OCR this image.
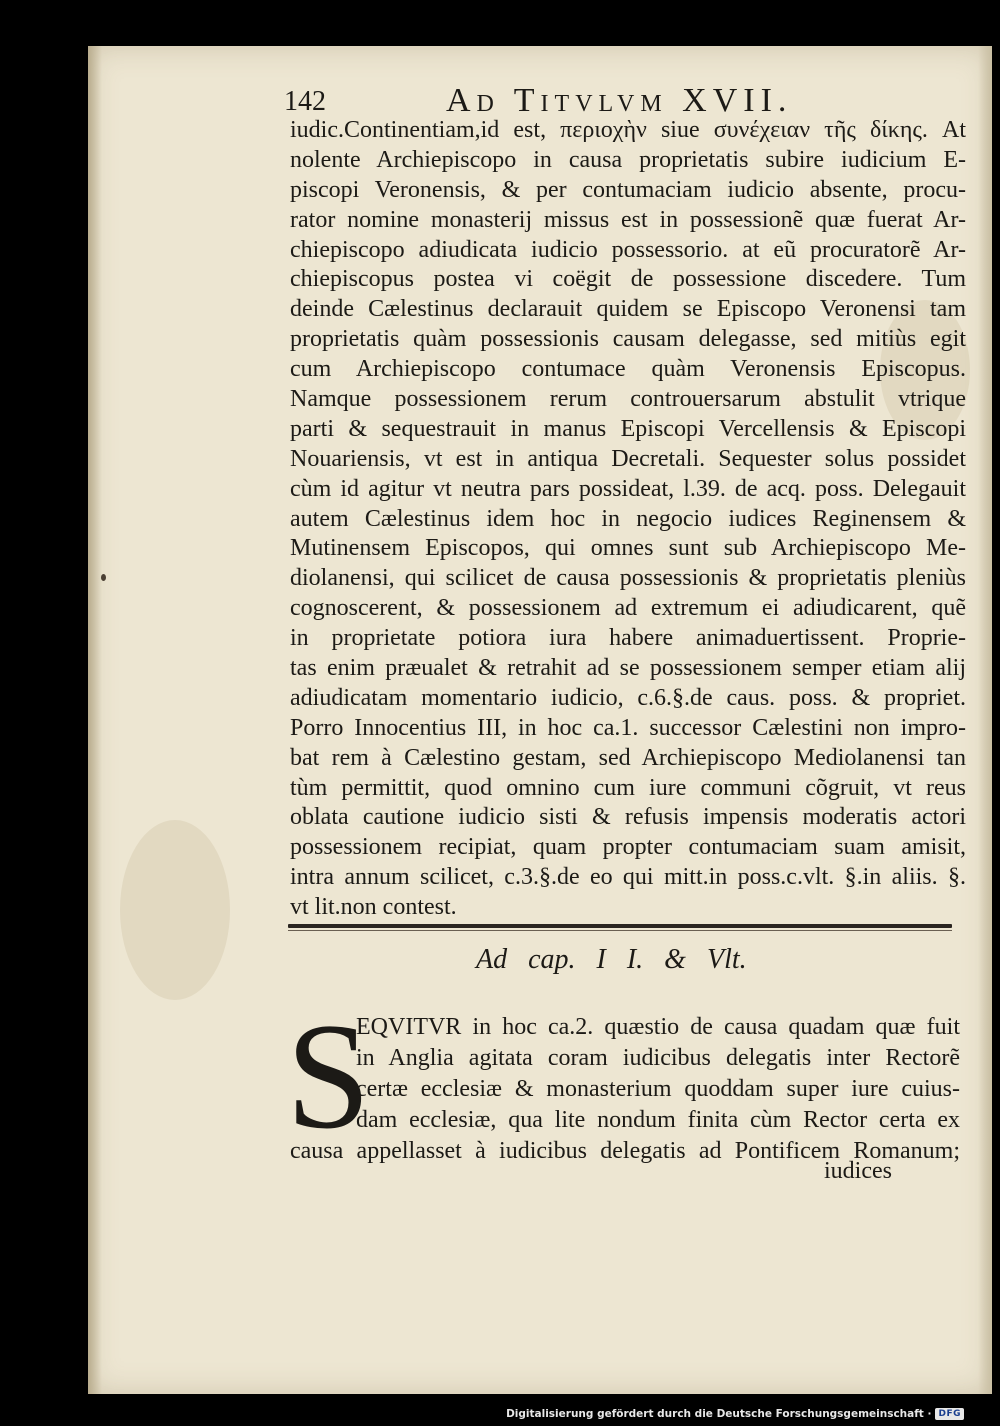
142	Ad Titvlvm XVII.
iudic.Continentiam,id est, περιοχὴν siue συνέχειαν τῆς δίκης. At
nolente Archiepiscopo in causa proprietatis subire iudicium E-
piscopi Veronensis, & per contumaciam iudicio absente, procu-
rator nomine monasterij missus est in possessionẽ quæ fuerat Ar-
chiepiscopo adiudicata iudicio possessorio. at eũ procuratorẽ Ar-
chiepiscopus postea vi coëgit de possessione discedere. Tum
deinde Cælestinus declarauit quidem se Episcopo Veronensi tam
proprietatis quàm possessionis causam delegasse, sed mitiùs egit
cum Archiepiscopo contumace quàm Veronensis Episcopus.
Namque possessionem rerum controuersarum abstulit vtrique
parti & sequestrauit in manus Episcopi Vercellensis & Episcopi
Nouariensis, vt est in antiqua Decretali. Sequester solus possidet
cùm id agitur vt neutra pars possideat, l.39. de acq. poss. Delegauit
autem Cælestinus idem hoc in negocio iudices Reginensem &
Mutinensem Episcopos, qui omnes sunt sub Archiepiscopo Me-
diolanensi, qui scilicet de causa possessionis & proprietatis pleniùs
cognoscerent, & possessionem ad extremum ei adiudicarent, quẽ
in proprietate potiora iura habere animaduertissent. Proprie-
tas enim præualet & retrahit ad se possessionem semper etiam alij
adiudicatam momentario iudicio, c.6.§.de caus. poss. & propriet.
Porro Innocentius III, in hoc ca.1. successor Cælestini non impro-
bat rem à Cælestino gestam, sed Archiepiscopo Mediolanensi tan
tùm permittit, quod omnino cum iure communi cõgruit, vt reus
oblata cautione iudicio sisti & refusis impensis moderatis actori
possessionem recipiat, quam propter contumaciam suam amisit,
intra annum scilicet, c.3.§.de eo qui mitt.in poss.c.vlt. §.in aliis. §.
vt lit.non contest.
Ad cap. I I. & Vlt.
S
EQVITVR in hoc ca.2. quæstio de causa quadam quæ fuit
in Anglia agitata coram iudicibus delegatis inter Rectorẽ
certæ ecclesiæ & monasterium quoddam super iure cuius-
dam ecclesiæ, qua lite nondum finita cùm Rector certa ex
causa appellasset à iudicibus delegatis ad Pontificem Romanum;
iudices
Digitalisierung gefördert durch die Deutsche Forschungsgemeinschaft · DFG
